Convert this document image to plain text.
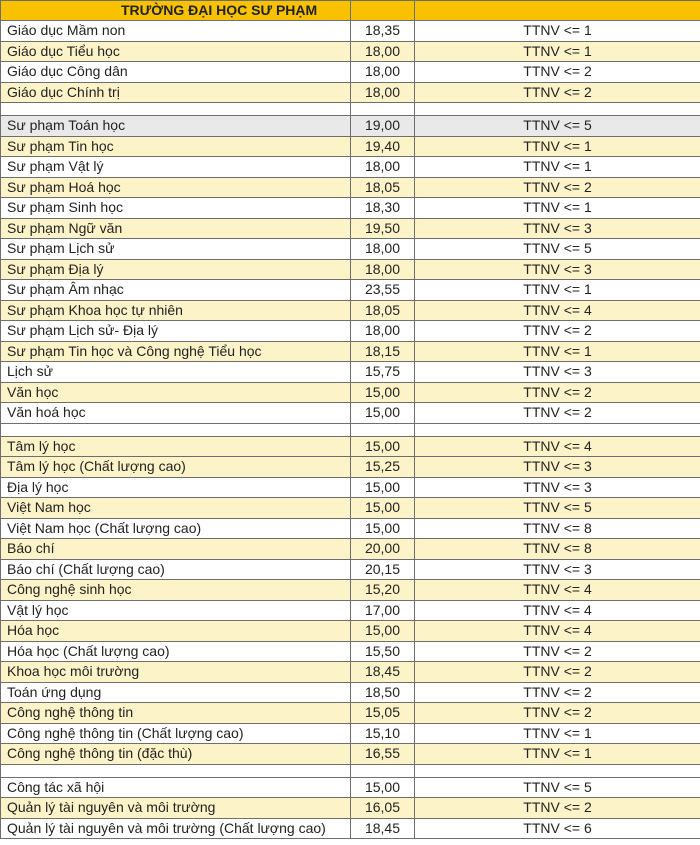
TRƯỜNG ĐẠI HỌC SƯ PHẠM		
Giáo dục Mầm non	18,35	TTNV <= 1
Giáo dục Tiểu học	18,00	TTNV <= 1
Giáo dục Công dân	18,00	TTNV <= 2
Giáo dục Chính trị	18,00	TTNV <= 2

Sư phạm Toán học	19,00	TTNV <= 5
Sư phạm Tin học	19,40	TTNV <= 1
Sư phạm Vật lý	18,00	TTNV <= 1
Sư phạm Hoá học	18,05	TTNV <= 2
Sư phạm Sinh học	18,30	TTNV <= 1
Sư phạm Ngữ văn	19,50	TTNV <= 3
Sư phạm Lịch sử	18,00	TTNV <= 5
Sư phạm Địa lý	18,00	TTNV <= 3
Sư phạm Âm nhạc	23,55	TTNV <= 1
Sư phạm Khoa học tự nhiên	18,05	TTNV <= 4
Sư phạm Lịch sử- Địa lý	18,00	TTNV <= 2
Sư phạm Tin học và Công nghệ Tiểu học	18,15	TTNV <= 1
Lịch sử	15,75	TTNV <= 3
Văn học	15,00	TTNV <= 2
Văn hoá học	15,00	TTNV <= 2

Tâm lý học	15,00	TTNV <= 4
Tâm lý học (Chất lượng cao)	15,25	TTNV <= 3
Địa lý học	15,00	TTNV <= 3
Việt Nam học	15,00	TTNV <= 5
Việt Nam học (Chất lượng cao)	15,00	TTNV <= 8
Báo chí	20,00	TTNV <= 8
Báo chí (Chất lượng cao)	20,15	TTNV <= 3
Công nghệ sinh học	15,20	TTNV <= 4
Vật lý học	17,00	TTNV <= 4
Hóa học	15,00	TTNV <= 4
Hóa học (Chất lượng cao)	15,50	TTNV <= 2
Khoa học môi trường	18,45	TTNV <= 2
Toán ứng dụng	18,50	TTNV <= 2
Công nghệ thông tin	15,05	TTNV <= 2
Công nghệ thông tin (Chất lượng cao)	15,10	TTNV <= 1
Công nghệ thông tin (đặc thù)	16,55	TTNV <= 1

Công tác xã hội	15,00	TTNV <= 5
Quản lý tài nguyên và môi trường	16,05	TTNV <= 2
Quản lý tài nguyên và môi trường (Chất lượng cao)	18,45	TTNV <= 6
